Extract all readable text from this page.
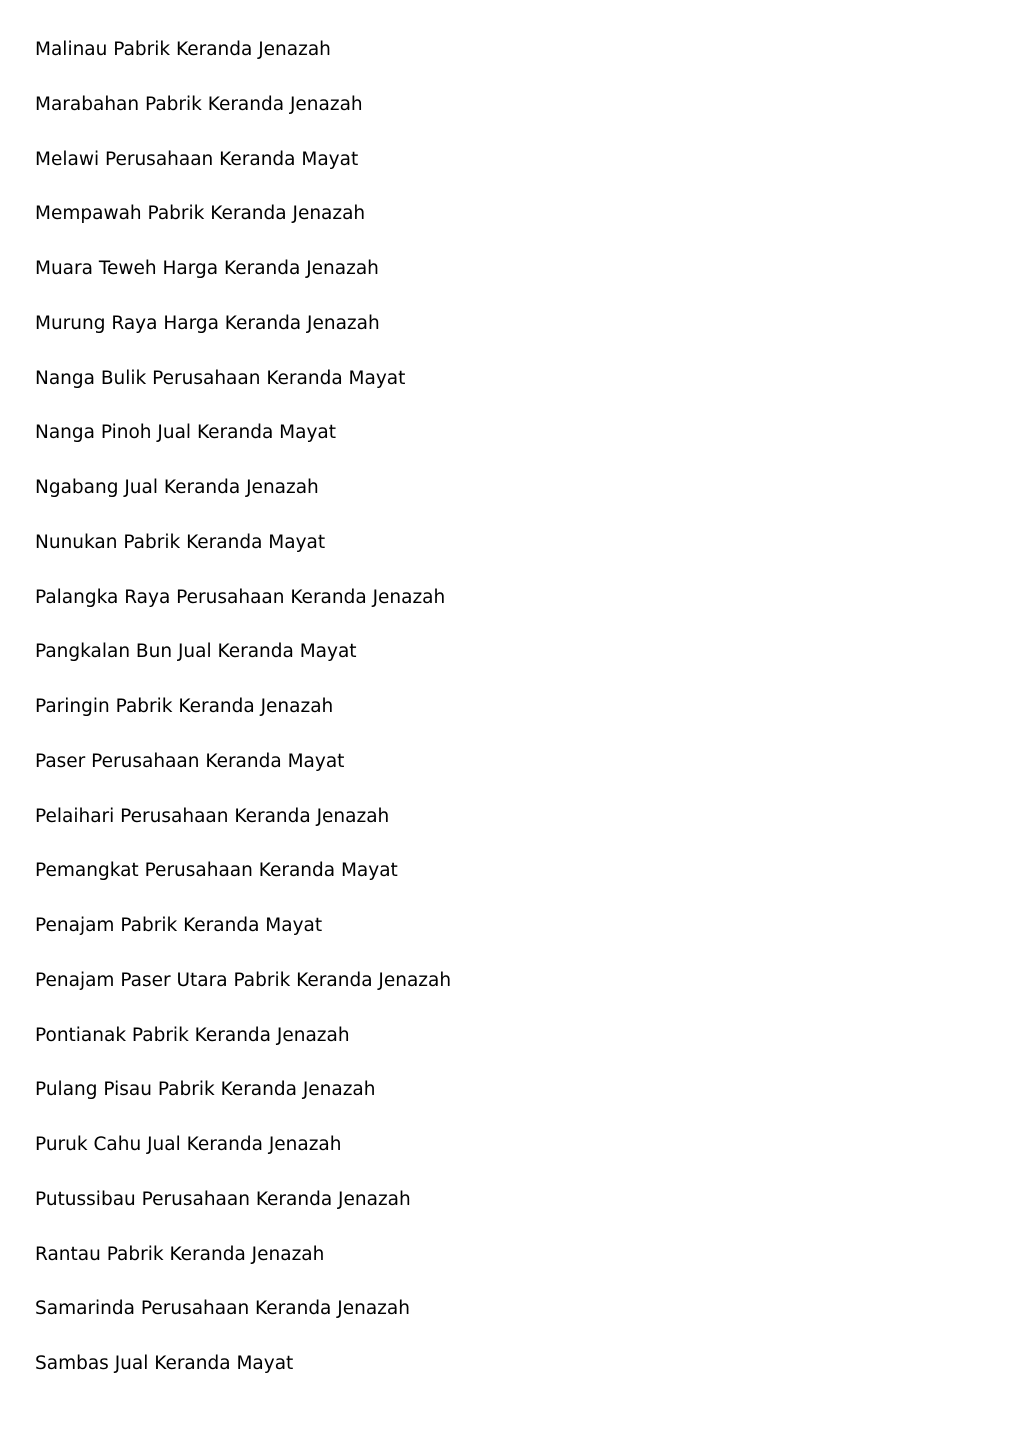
Malinau Pabrik Keranda Jenazah
Marabahan Pabrik Keranda Jenazah
Melawi Perusahaan Keranda Mayat
Mempawah Pabrik Keranda Jenazah
Muara Teweh Harga Keranda Jenazah
Murung Raya Harga Keranda Jenazah
Nanga Bulik Perusahaan Keranda Mayat
Nanga Pinoh Jual Keranda Mayat
Ngabang Jual Keranda Jenazah
Nunukan Pabrik Keranda Mayat
Palangka Raya Perusahaan Keranda Jenazah
Pangkalan Bun Jual Keranda Mayat
Paringin Pabrik Keranda Jenazah
Paser Perusahaan Keranda Mayat
Pelaihari Perusahaan Keranda Jenazah
Pemangkat Perusahaan Keranda Mayat
Penajam Pabrik Keranda Mayat
Penajam Paser Utara Pabrik Keranda Jenazah
Pontianak Pabrik Keranda Jenazah
Pulang Pisau Pabrik Keranda Jenazah
Puruk Cahu Jual Keranda Jenazah
Putussibau Perusahaan Keranda Jenazah
Rantau Pabrik Keranda Jenazah
Samarinda Perusahaan Keranda Jenazah
Sambas Jual Keranda Mayat
